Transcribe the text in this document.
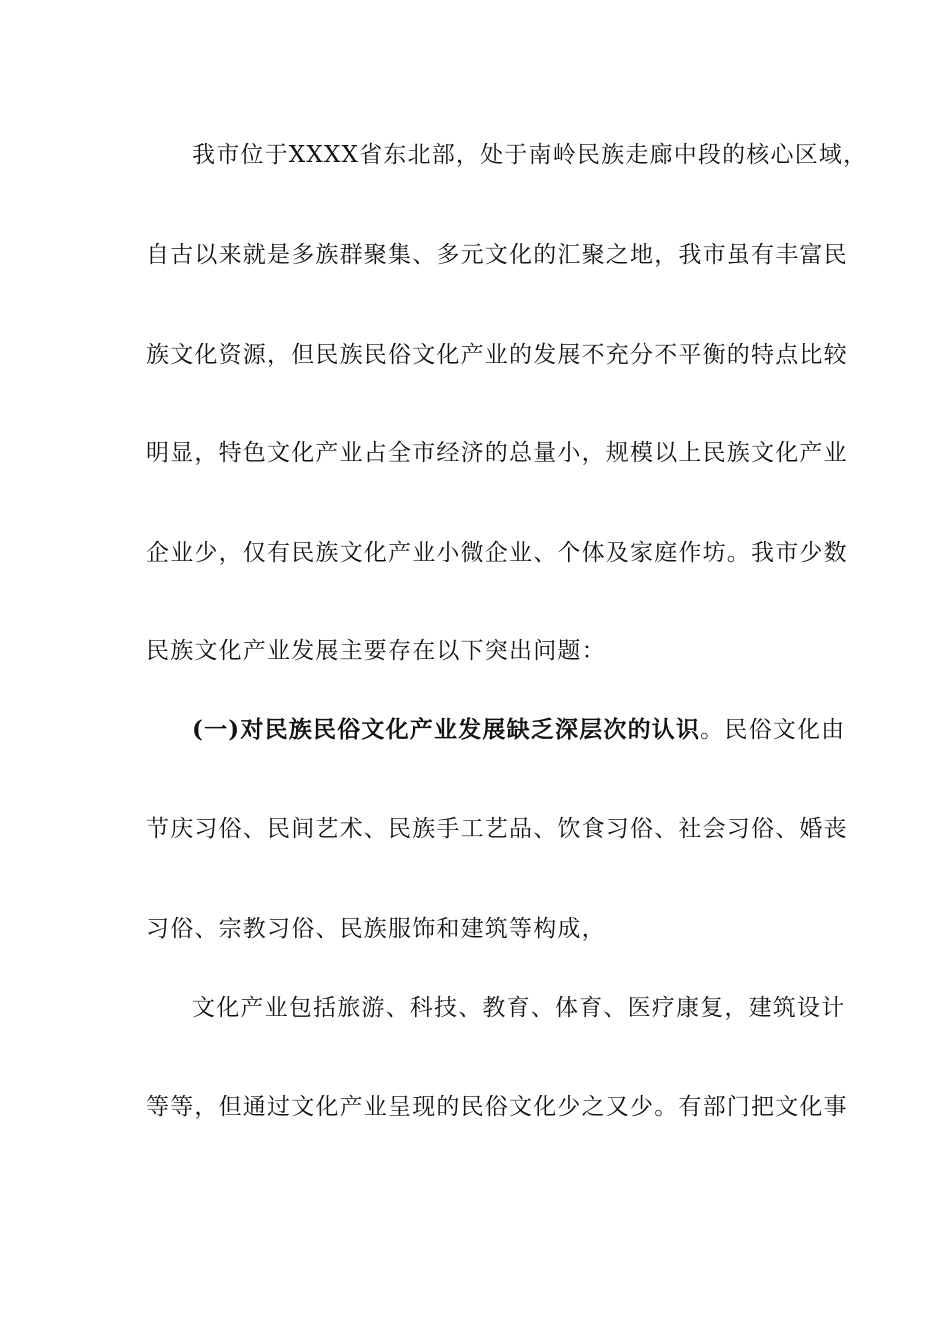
我市位于XXXX省东北部，处于南岭民族走廊中段的核心区域，
自古以来就是多族群聚集、多元文化的汇聚之地，我市虽有丰富民
族文化资源，但民族民俗文化产业的发展不充分不平衡的特点比较
明显，特色文化产业占全市经济的总量小，规模以上民族文化产业
企业少，仅有民族文化产业小微企业、个体及家庭作坊。我市少数
民族文化产业发展主要存在以下突出问题：
(一)对民族民俗文化产业发展缺乏深层次的认识。民俗文化由
节庆习俗、民间艺术、民族手工艺品、饮食习俗、社会习俗、婚丧
习俗、宗教习俗、民族服饰和建筑等构成，
文化产业包括旅游、科技、教育、体育、医疗康复，建筑设计
等等，但通过文化产业呈现的民俗文化少之又少。有部门把文化事
